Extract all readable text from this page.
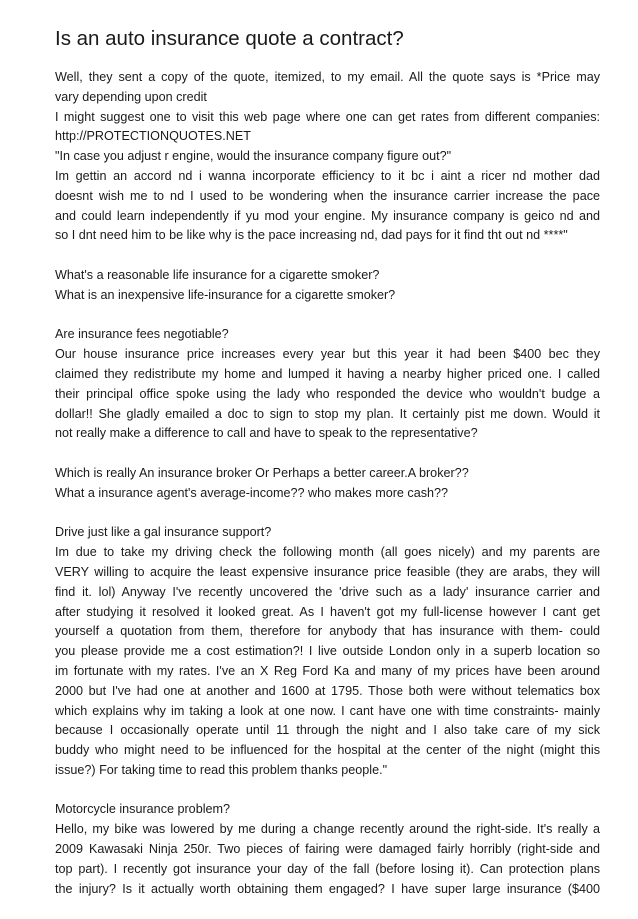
Is an auto insurance quote a contract?
Well, they sent a copy of the quote, itemized, to my email. All the quote says is *Price may
vary depending upon credit
I might suggest one to visit this web page where one can get rates from different companies:
http://PROTECTIONQUOTES.NET
"In case you adjust r engine, would the insurance company figure out?"
Im gettin an accord nd i wanna incorporate efficiency to it bc i aint a ricer nd mother dad
doesnt wish me to nd I used to be wondering when the insurance carrier increase the pace
and could learn independently if yu mod your engine. My insurance company is geico nd and
so I dnt need him to be like why is the pace increasing nd, dad pays for it find tht out nd ****"
What's a reasonable life insurance for a cigarette smoker?
What is an inexpensive life-insurance for a cigarette smoker?
Are insurance fees negotiable?
Our house insurance price increases every year but this year it had been $400 bec they
claimed they redistribute my home and lumped it having a nearby higher priced one. I called
their principal office spoke using the lady who responded the device who wouldn't budge a
dollar!! She gladly emailed a doc to sign to stop my plan. It certainly pist me down. Would it
not really make a difference to call and have to speak to the representative?
Which is really An insurance broker Or Perhaps a better career.A broker??
What a insurance agent's average-income?? who makes more cash??
Drive just like a gal insurance support?
Im due to take my driving check the following month (all goes nicely) and my parents are
VERY willing to acquire the least expensive insurance price feasible (they are arabs, they will
find it. lol) Anyway I've recently uncovered the 'drive such as a lady' insurance carrier and
after studying it resolved it looked great. As I haven't got my full-license however I cant get
yourself a quotation from them, therefore for anybody that has insurance with them- could
you please provide me a cost estimation?! I live outside London only in a superb location so
im fortunate with my rates. I've an X Reg Ford Ka and many of my prices have been around
2000 but I've had one at another and 1600 at 1795. Those both were without telematics box
which explains why im taking a look at one now. I cant have one with time constraints- mainly
because I occasionally operate until 11 through the night and I also take care of my sick
buddy who might need to be influenced for the hospital at the center of the night (might this
issue?) For taking time to read this problem thanks people."
Motorcycle insurance problem?
Hello, my bike was lowered by me during a change recently around the right-side. It's really a
2009 Kawasaki Ninja 250r. Two pieces of fairing were damaged fairly horribly (right-side and
top part). I recently got insurance your day of the fall (before losing it). Can protection plans
the injury? Is it actually worth obtaining them engaged? I have super large insurance ($400
